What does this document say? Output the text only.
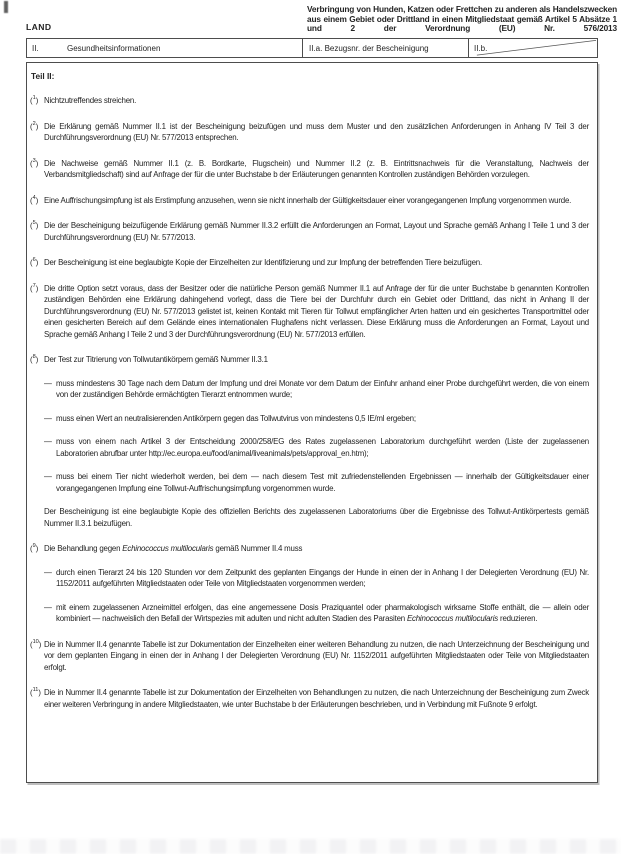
LAND
Verbringung von Hunden, Katzen oder Frettchen zu anderen als Handelszwecken aus einem Gebiet oder Drittland in einen Mitgliedstaat gemäß Artikel 5 Absätze 1 und 2 der Verordnung (EU) Nr. 576/2013
II.	Gesundheitsinformationen	II.a. Bezugsnr. der Bescheinigung	II.b.
Teil II:
($^1$) Nichtzutreffendes streichen.
($^2$) Die Erklärung gemäß Nummer II.1 ist der Bescheinigung beizufügen und muss dem Muster und den zusätzlichen Anforderungen in Anhang IV Teil 3 der Durchführungsverordnung (EU) Nr. 577/2013 entsprechen.
($^3$) Die Nachweise gemäß Nummer II.1 (z. B. Bordkarte, Flugschein) und Nummer II.2 (z. B. Eintrittsnachweis für die Veranstaltung, Nachweis der Verbandsmitgliedschaft) sind auf Anfrage der für die unter Buchstabe b der Erläuterungen genannten Kontrollen zuständigen Behörden vorzulegen.
($^4$) Eine Auffrischungsimpfung ist als Erstimpfung anzusehen, wenn sie nicht innerhalb der Gültigkeitsdauer einer vorangegangenen Impfung vorgenommen wurde.
($^5$) Die der Bescheinigung beizufügende Erklärung gemäß Nummer II.3.2 erfüllt die Anforderungen an Format, Layout und Sprache gemäß Anhang I Teile 1 und 3 der Durchführungsverordnung (EU) Nr. 577/2013.
($^6$) Der Bescheinigung ist eine beglaubigte Kopie der Einzelheiten zur Identifizierung und zur Impfung der betreffenden Tiere beizufügen.
($^7$) Die dritte Option setzt voraus, dass der Besitzer oder die natürliche Person gemäß Nummer II.1 auf Anfrage der für die unter Buchstabe b genannten Kontrollen zuständigen Behörden eine Erklärung dahingehend vorlegt, dass die Tiere bei der Durchfuhr durch ein Gebiet oder Drittland, das nicht in Anhang II der Durchführungsverordnung (EU) Nr. 577/2013 gelistet ist, keinen Kontakt mit Tieren für Tollwut empfänglicher Arten hatten und ein gesichertes Transportmittel oder einen gesicherten Bereich auf dem Gelände eines internationalen Flughafens nicht verlassen. Diese Erklärung muss die Anforderungen an Format, Layout und Sprache gemäß Anhang I Teile 2 und 3 der Durchführungsverordnung (EU) Nr. 577/2013 erfüllen.
($^8$) Der Test zur Titrierung von Tollwutantikörpern gemäß Nummer II.3.1
— muss mindestens 30 Tage nach dem Datum der Impfung und drei Monate vor dem Datum der Einfuhr anhand einer Probe durchgeführt werden, die von einem von der zuständigen Behörde ermächtigten Tierarzt entnommen wurde;
— muss einen Wert an neutralisierenden Antikörpern gegen das Tollwutvirus von mindestens 0,5 IE/ml ergeben;
— muss von einem nach Artikel 3 der Entscheidung 2000/258/EG des Rates zugelassenen Laboratorium durchgeführt werden (Liste der zugelassenen Laboratorien abrufbar unter http://ec.europa.eu/food/animal/liveanimals/pets/approval_en.htm);
— muss bei einem Tier nicht wiederholt werden, bei dem — nach diesem Test mit zufriedenstellenden Ergebnissen — innerhalb der Gültigkeitsdauer einer vorangegangenen Impfung eine Tollwut-Auffrischungsimpfung vorgenommen wurde.
Der Bescheinigung ist eine beglaubigte Kopie des offiziellen Berichts des zugelassenen Laboratoriums über die Ergebnisse des Tollwut-Antikörpertests gemäß Nummer II.3.1 beizufügen.
($^9$) Die Behandlung gegen Echinococcus multilocularis gemäß Nummer II.4 muss
— durch einen Tierarzt 24 bis 120 Stunden vor dem Zeitpunkt des geplanten Eingangs der Hunde in einen der in Anhang I der Delegierten Verordnung (EU) Nr. 1152/2011 aufgeführten Mitgliedstaaten oder Teile von Mitgliedstaaten vorgenommen werden;
— mit einem zugelassenen Arzneimittel erfolgen, das eine angemessene Dosis Praziquantel oder pharmakologisch wirksame Stoffe enthält, die — allein oder kombiniert — nachweislich den Befall der Wirtspezies mit adulten und nicht adulten Stadien des Parasiten Echinococcus multilocularis reduzieren.
($^{10}$) Die in Nummer II.4 genannte Tabelle ist zur Dokumentation der Einzelheiten einer weiteren Behandlung zu nutzen, die nach Unterzeichnung der Bescheinigung und vor dem geplanten Eingang in einen der in Anhang I der Delegierten Verordnung (EU) Nr. 1152/2011 aufgeführten Mitgliedstaaten oder Teile von Mitgliedstaaten erfolgt.
($^{11}$) Die in Nummer II.4 genannte Tabelle ist zur Dokumentation der Einzelheiten von Behandlungen zu nutzen, die nach Unterzeichnung der Bescheinigung zum Zweck einer weiteren Verbringung in andere Mitgliedstaaten, wie unter Buchstabe b der Erläuterungen beschrieben, und in Verbindung mit Fußnote 9 erfolgt.
